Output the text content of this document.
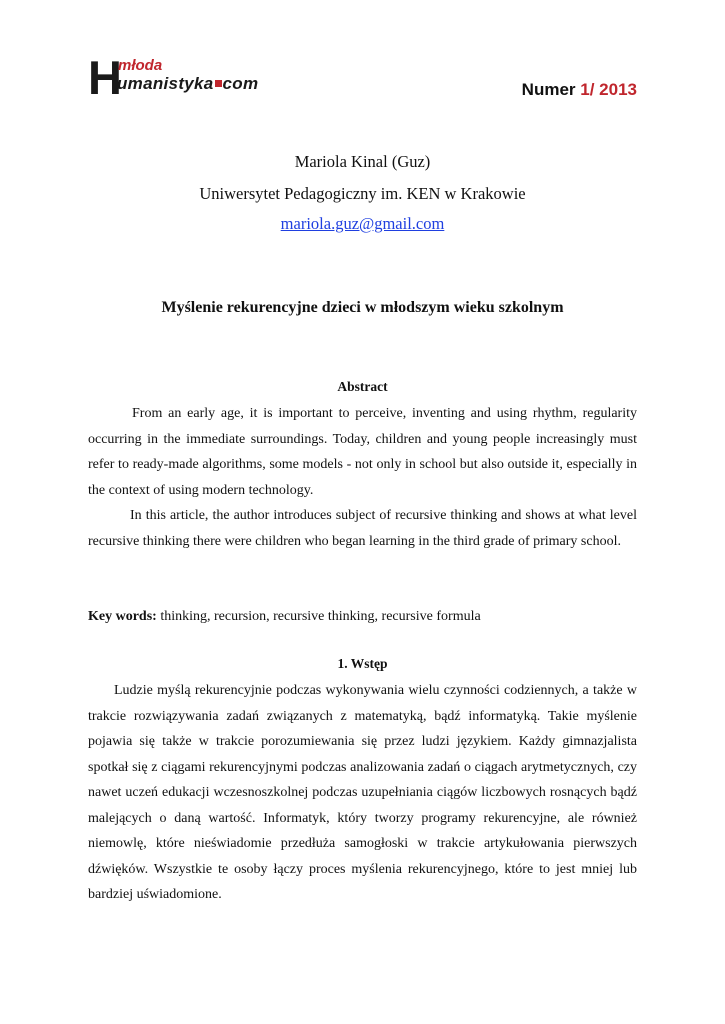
H
młoda
umanistyka com	Numer 1/ 2013
Mariola Kinal (Guz)
Uniwersytet Pedagogiczny im. KEN w Krakowie
mariola.guz@gmail.com
Myślenie rekurencyjne dzieci w młodszym wieku szkolnym
Abstract

From an early age, it is important to perceive, inventing and using rhythm, regularity occurring in the immediate surroundings. Today, children and young people increasingly must refer to ready-made algorithms, some models - not only in school but also outside it, especially in the context of using modern technology.

In this article, the author introduces subject of recursive thinking and shows at what level recursive thinking there were children who began learning in the third grade of primary school.

Key words: thinking, recursion, recursive thinking, recursive formula

1. Wstęp

Ludzie myślą rekurencyjnie podczas wykonywania wielu czynności codziennych, a także w trakcie rozwiązywania zadań związanych z matematyką, bądź informatyką. Takie myślenie pojawia się także w trakcie porozumiewania się przez ludzi językiem. Każdy gimnazjalista spotkał się z ciągami rekurencyjnymi podczas analizowania zadań o ciągach arytmetycznych, czy nawet uczeń edukacji wczesnoszkolnej podczas uzupełniania ciągów liczbowych rosnących bądź malejących o daną wartość. Informatyk, który tworzy programy rekurencyjne, ale również niemowlę, które nieświadomie przedłuża samogłoski w trakcie artykułowania pierwszych dźwięków. Wszystkie te osoby łączy proces myślenia rekurencyjnego, które to jest mniej lub bardziej uświadomione.
